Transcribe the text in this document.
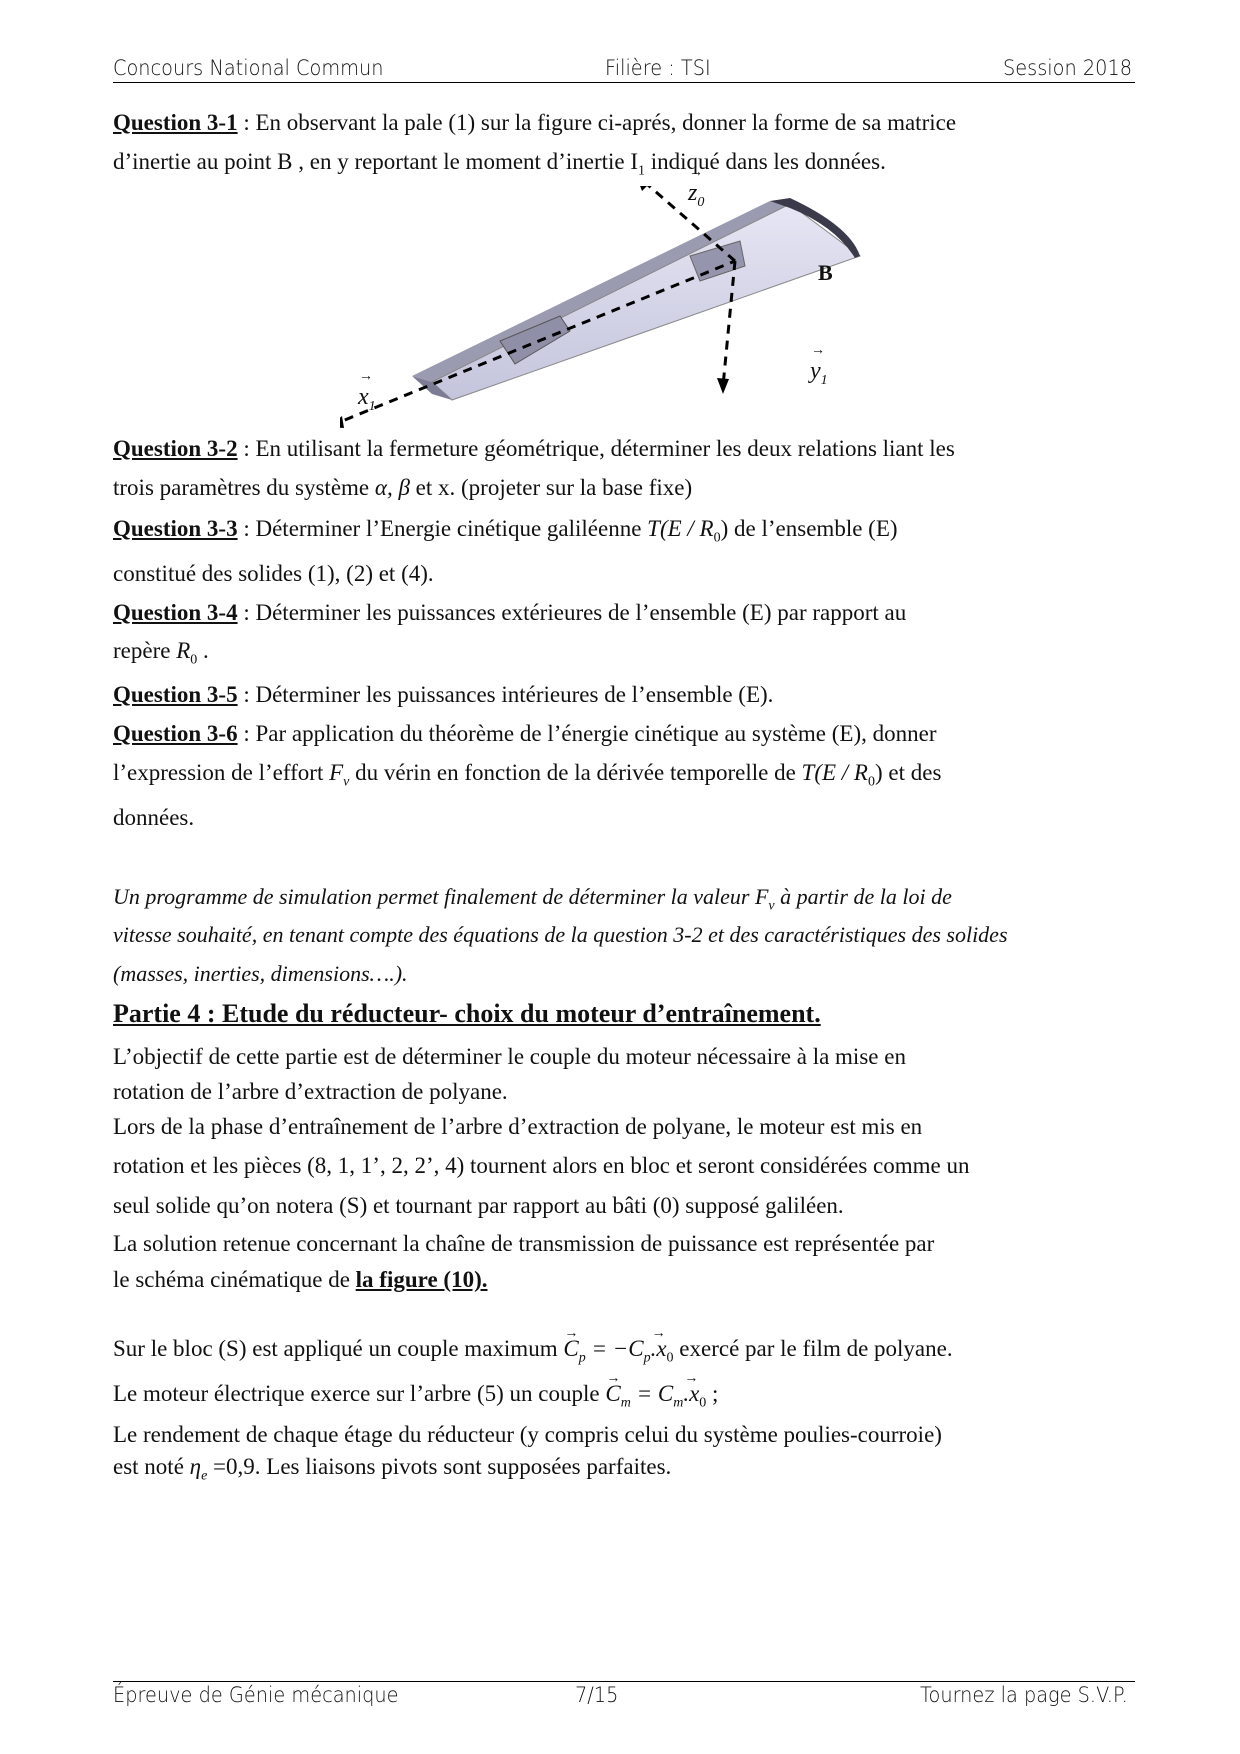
Concours National Commun	Filière : TSI	Session 2018
Question 3-1 : En observant la pale (1) sur la figure ci-aprés, donner la forme de sa matrice
d’inertie au point B , en y reportant le moment d’inertie $I_1$ indiqué dans les données.
→ $z_0$
B
→ $y_1$
→ $x_1$
Question 3-2 : En utilisant la fermeture géométrique, déterminer les deux relations liant les
trois paramètres du système α, β et x. (projeter sur la base fixe)
Question 3-3 : Déterminer l’Energie cinétique galiléenne $T(E / R_0)$ de l’ensemble (E)
constitué des solides (1), (2) et (4).
Question 3-4 : Déterminer les puissances extérieures de l’ensemble (E) par rapport au
repère $R_0$ .
Question 3-5 : Déterminer les puissances intérieures de l’ensemble (E).
Question 3-6 : Par application du théorème de l’énergie cinétique au système (E), donner
l’expression de l’effort $F_v$ du vérin en fonction de la dérivée temporelle de $T(E / R_0)$ et des
données.
Un programme de simulation permet finalement de déterminer la valeur $F_v$ à partir de la loi de
vitesse souhaité, en tenant compte des équations de la question 3-2 et des caractéristiques des solides
(masses, inerties, dimensions….).
Partie 4 : Etude du réducteur- choix du moteur d’entraînement.
L’objectif de cette partie est de déterminer le couple du moteur nécessaire à la mise en
rotation de l’arbre d’extraction de polyane.
Lors de la phase d’entraînement de l’arbre d’extraction de polyane, le moteur est mis en
rotation et les pièces (8, 1, 1’, 2, 2’, 4) tournent alors en bloc et seront considérées comme un
seul solide qu’on notera (S) et tournant par rapport au bâti (0) supposé galiléen.
La solution retenue concernant la chaîne de transmission de puissance est représentée par
le schéma cinématique de la figure (10).
Sur le bloc (S) est appliqué un couple maximum → $C_p = -C_p\to .x_0$ exercé par le film de polyane.
Le moteur électrique exerce sur l’arbre (5) un couple → $C_m = C_m\to .x_0$ ;
Le rendement de chaque étage du réducteur (y compris celui du système poulies-courroie)
est noté $\eta_e =0,9$. Les liaisons pivots sont supposées parfaites.
Épreuve de Génie mécanique	7/15	Tournez la page S.V.P.
